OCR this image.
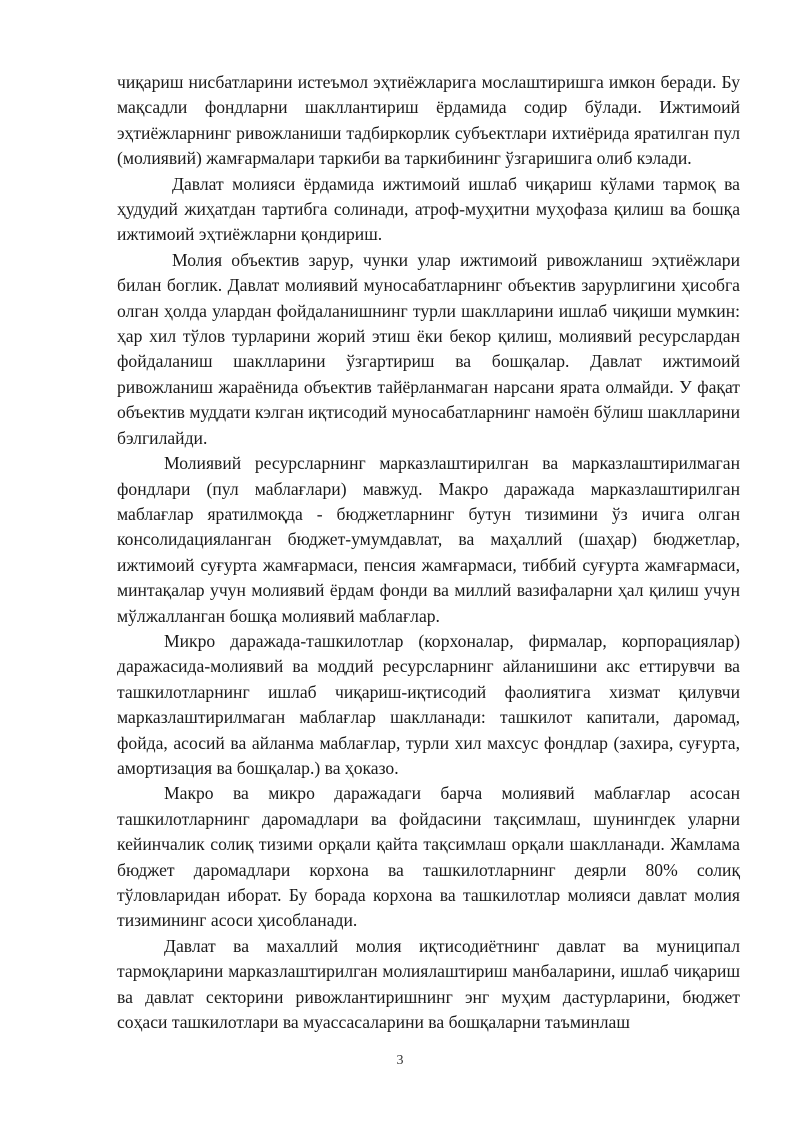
чиқариш нисбатларини истеъмол эҳтиёжларига мослаштиришга имкон беради. Бу мақсадли фондларни шакллантириш ёрдамида содир бўлади. Ижтимоий эҳтиёжларнинг ривожланиши тадбиркорлик субъектлари ихтиёрида яратилган пул (молиявий) жамғармалари таркиби ва таркибининг ўзгаришига олиб кэлади.

Давлат молияси ёрдамида ижтимоий ишлаб чиқариш кўлами тармоқ ва ҳудудий жиҳатдан тартибга солинади, атроф-муҳитни муҳофаза қилиш ва бошқа ижтимоий эҳтиёжларни қондириш.

Молия объектив зарур, чунки улар ижтимоий ривожланиш эҳтиёжлари билан боглик. Давлат молиявий муносабатларнинг объектив зарурлигини ҳисобга олган ҳолда улардан фойдаланишнинг турли шаклларини ишлаб чиқиши мумкин: ҳар хил тўлов турларини жорий этиш ёки бекор қилиш, молиявий ресурслардан фойдаланиш шаклларини ўзгартириш ва бошқалар. Давлат ижтимоий ривожланиш жараёнида объектив тайёрланмаган нарсани ярата олмайди. У фақат объектив муддати кэлган иқтисодий муносабатларнинг намоён бўлиш шаклларини бэлгилайди.

Молиявий ресурсларнинг марказлаштирилган ва марказлаштирилмаган фондлари (пул маблағлари) мавжуд. Макро даражада марказлаштирилган маблағлар яратилмоқда - бюджетларнинг бутун тизимини ўз ичига олган консолидацияланган бюджет-умумдавлат, ва маҳаллий (шаҳар) бюджетлар, ижтимоий суғурта жамғармаси, пенсия жамғармаси, тиббий суғурта жамғармаси, минтақалар учун молиявий ёрдам фонди ва миллий вазифаларни ҳал қилиш учун мўлжалланган бошқа молиявий маблағлар.

Микро даражада-ташкилотлар (корхоналар, фирмалар, корпорациялар) даражасида-молиявий ва моддий ресурсларнинг айланишини акс еттирувчи ва ташкилотларнинг ишлаб чиқариш-иқтисодий фаолиятига хизмат қилувчи марказлаштирилмаган маблағлар шаклланади: ташкилот капитали, даромад, фойда, асосий ва айланма маблағлар, турли хил махсус фондлар (захира, суғурта, амортизация ва бошқалар.) ва ҳоказо.

Макро ва микро даражадаги барча молиявий маблағлар асосан ташкилотларнинг даромадлари ва фойдасини тақсимлаш, шунингдек уларни кейинчалик солиқ тизими орқали қайта тақсимлаш орқали шаклланади. Жамлама бюджет даромадлари корхона ва ташкилотларнинг деярли 80% солиқ тўловларидан иборат. Бу борада корхона ва ташкилотлар молияси давлат молия тизимининг асоси ҳисобланади.

Давлат ва махаллий молия иқтисодиётнинг давлат ва муниципал тармоқларини марказлаштирилган молиялаштириш манбаларини, ишлаб чиқариш ва давлат секторини ривожлантиришнинг энг муҳим дастурларини, бюджет соҳаси ташкилотлари ва муассасаларини ва бошқаларни таъминлаш

3
